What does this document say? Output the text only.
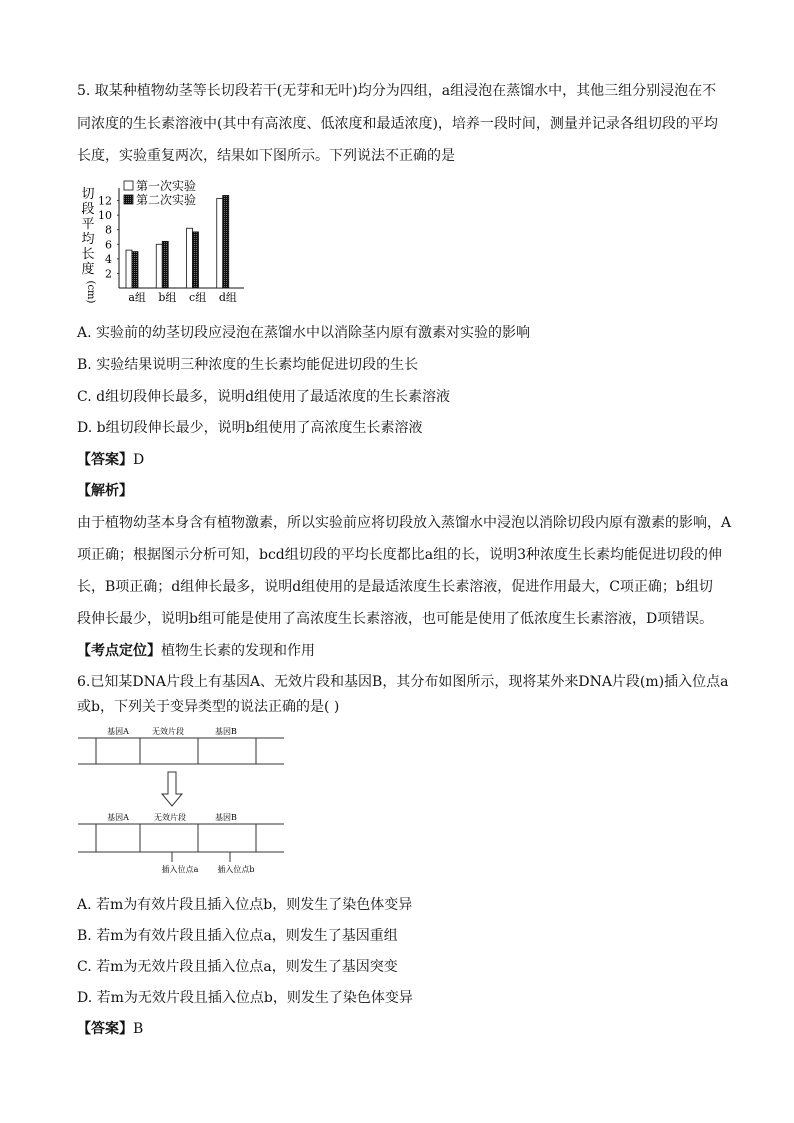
5. 取某种植物幼茎等长切段若干(无芽和无叶)均分为四组，a组浸泡在蒸馏水中，其他三组分别浸泡在不
同浓度的生长素溶液中(其中有高浓度、低浓度和最适浓度)，培养一段时间，测量并记录各组切段的平均
长度，实验重复两次，结果如下图所示。下列说法不正确的是
切
段
平
均
长
度
(cm)
第一次实验
第二次实验
2
4
6
8
10
12
a组 b组 c组 d组
A. 实验前的幼茎切段应浸泡在蒸馏水中以消除茎内原有激素对实验的影响
B. 实验结果说明三种浓度的生长素均能促进切段的生长
C. d组切段伸长最多，说明d组使用了最适浓度的生长素溶液
D. b组切段伸长最少，说明b组使用了高浓度生长素溶液
【答案】D
【解析】
由于植物幼茎本身含有植物激素，所以实验前应将切段放入蒸馏水中浸泡以消除切段内原有激素的影响，A
项正确；根据图示分析可知，bcd组切段的平均长度都比a组的长，说明3种浓度生长素均能促进切段的伸
长，B项正确；d组伸长最多，说明d组使用的是最适浓度生长素溶液，促进作用最大，C项正确；b组切
段伸长最少，说明b组可能是使用了高浓度生长素溶液，也可能是使用了低浓度生长素溶液，D项错误。
【考点定位】植物生长素的发现和作用
6.已知某DNA片段上有基因A、无效片段和基因B，其分布如图所示，现将某外来DNA片段(m)插入位点a
或b，下列关于变异类型的说法正确的是( )
基因A	无效片段	基因B
基因A	无效片段	基因B
插入位点a 插入位点b
A. 若m为有效片段且插入位点b，则发生了染色体变异
B. 若m为有效片段且插入位点a，则发生了基因重组
C. 若m为无效片段且插入位点a，则发生了基因突变
D. 若m为无效片段且插入位点b，则发生了染色体变异
【答案】B
